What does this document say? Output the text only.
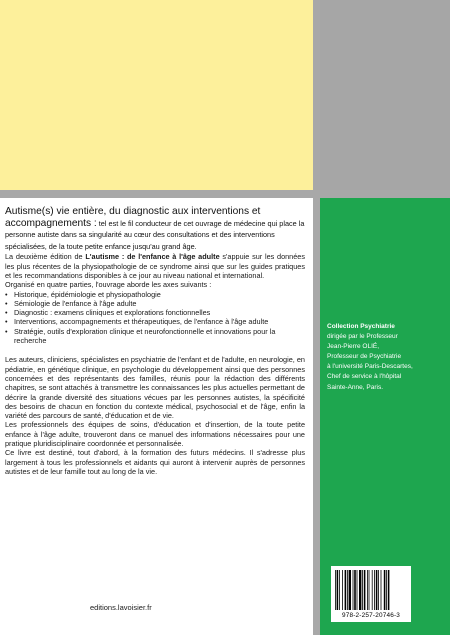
Autisme(s) vie entière, du diagnostic aux interventions et accompagnements : tel est le fil conducteur de cet ouvrage de médecine qui place la personne autiste dans sa singularité au cœur des consultations et des interventions spécialisées, de la toute petite enfance jusqu'au grand âge.

La deuxième édition de L'autisme : de l'enfance à l'âge adulte s'appuie sur les données les plus récentes de la physiopathologie de ce syndrome ainsi que sur les guides pratiques et les recommandations disponibles à ce jour au niveau national et international.

Organisé en quatre parties, l'ouvrage aborde les axes suivants :

• Historique, épidémiologie et physiopathologie
• Sémiologie de l'enfance à l'âge adulte
• Diagnostic : examens cliniques et explorations fonctionnelles
• Interventions, accompagnements et thérapeutiques, de l'enfance à l'âge adulte
• Stratégie, outils d'exploration clinique et neurofonctionnelle et innovations pour la recherche

Les auteurs, cliniciens, spécialistes en psychiatrie de l'enfant et de l'adulte, en neurologie, en pédiatrie, en génétique clinique, en psychologie du développement ainsi que des personnes concernées et des représentants des familles, réunis pour la rédaction des différents chapitres, se sont attachés à transmettre les connaissances les plus actuelles permettant de décrire la grande diversité des situations vécues par les personnes autistes, la spécificité des besoins de chacun en fonction du contexte médical, psychosocial et de l'âge, enfin la variété des parcours de santé, d'éducation et de vie.

Les professionnels des équipes de soins, d'éducation et d'insertion, de la toute petite enfance à l'âge adulte, trouveront dans ce manuel des informations nécessaires pour une pratique pluridisciplinaire coordonnée et personnalisée.

Ce livre est destiné, tout d'abord, à la formation des futurs médecins. Il s'adresse plus largement à tous les professionnels et aidants qui auront à intervenir auprès de personnes autistes et de leur famille tout au long de la vie.

editions.lavoisier.fr
Collection Psychiatrie
dirigée par le Professeur
Jean-Pierre OLIÉ,
Professeur de Psychiatrie
à l'université Paris-Descartes,
Chef de service à l'hôpital
Sainte-Anne, Paris.
978-2-257-20746-3
